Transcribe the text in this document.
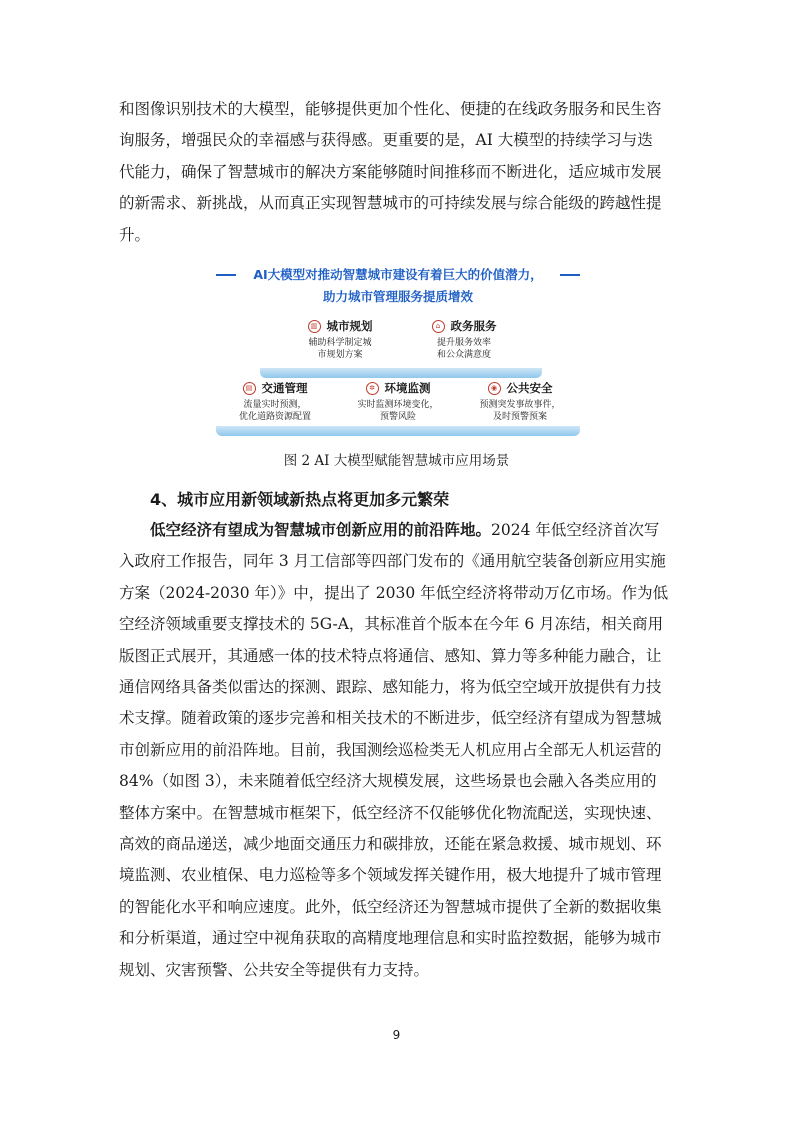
和图像识别技术的大模型，能够提供更加个性化、便捷的在线政务服务和民生咨

询服务，增强民众的幸福感与获得感。更重要的是，AI 大模型的持续学习与迭

代能力，确保了智慧城市的解决方案能够随时间推移而不断进化，适应城市发展

的新需求、新挑战，从而真正实现智慧城市的可持续发展与综合能级的跨越性提

升。

AI大模型对推动智慧城市建设有着巨大的价值潜力，
助力城市管理服务提质增效
▥ 城市规划
辅助科学制定城
市规划方案
⌂ 政务服务
提升服务效率
和公众满意度
▤ 交通管理
流量实时预测，
优化道路资源配置
✲ 环境监测
实时监测环境变化，
预警风险
◉ 公共安全
预测突发事故事件，
及时预警预案
图 2 AI 大模型赋能智慧城市应用场景
4、城市应用新领域新热点将更加多元繁荣

低空经济有望成为智慧城市创新应用的前沿阵地。2024 年低空经济首次写

入政府工作报告，同年 3 月工信部等四部门发布的《通用航空装备创新应用实施

方案（2024-2030 年）》中，提出了 2030 年低空经济将带动万亿市场。作为低

空经济领域重要支撑技术的 5G-A，其标准首个版本在今年 6 月冻结，相关商用

版图正式展开，其通感一体的技术特点将通信、感知、算力等多种能力融合，让

通信网络具备类似雷达的探测、跟踪、感知能力，将为低空空域开放提供有力技

术支撑。随着政策的逐步完善和相关技术的不断进步，低空经济有望成为智慧城

市创新应用的前沿阵地。目前，我国测绘巡检类无人机应用占全部无人机运营的

84%（如图 3），未来随着低空经济大规模发展，这些场景也会融入各类应用的

整体方案中。在智慧城市框架下，低空经济不仅能够优化物流配送，实现快速、

高效的商品递送，减少地面交通压力和碳排放，还能在紧急救援、城市规划、环

境监测、农业植保、电力巡检等多个领域发挥关键作用，极大地提升了城市管理

的智能化水平和响应速度。此外，低空经济还为智慧城市提供了全新的数据收集

和分析渠道，通过空中视角获取的高精度地理信息和实时监控数据，能够为城市

规划、灾害预警、公共安全等提供有力支持。

9
